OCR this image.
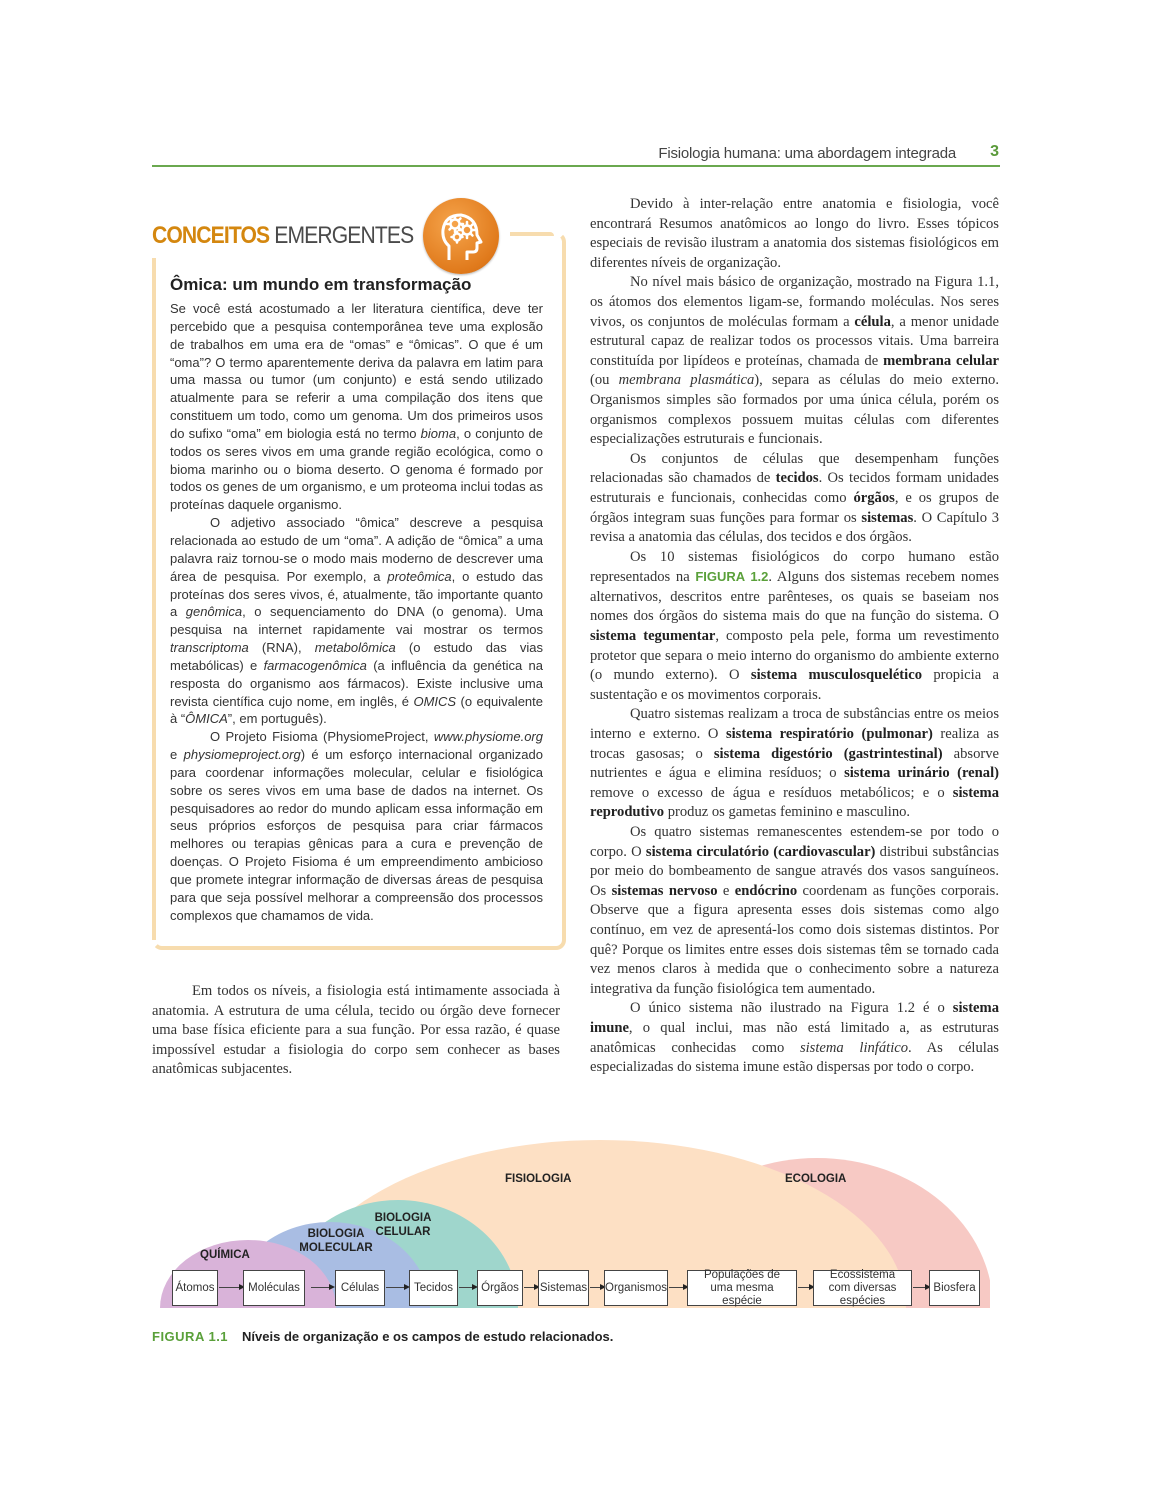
Fisiologia humana: uma abordagem integrada 3
CONCEITOS EMERGENTES
Ômica: um mundo em transformação

Se você está acostumado a ler literatura científica, deve ter percebido que a pesquisa contemporânea teve uma explosão de trabalhos em uma era de “omas” e “ômicas”. O que é um “oma”? O termo aparentemente deriva da palavra em latim para uma massa ou tumor (um conjunto) e está sendo utilizado atualmente para se referir a uma compilação dos itens que constituem um todo, como um genoma. Um dos primeiros usos do sufixo “oma” em biologia está no termo bioma, o conjunto de todos os seres vivos em uma grande região ecológica, como o bioma marinho ou o bioma deserto. O genoma é formado por todos os genes de um organismo, e um proteoma inclui todas as proteínas daquele organismo.

O adjetivo associado “ômica” descreve a pesquisa relacionada ao estudo de um “oma”. A adição de “ômica” a uma palavra raiz tornou-se o modo mais moderno de descrever uma área de pesquisa. Por exemplo, a proteômica, o estudo das proteínas dos seres vivos, é, atualmente, tão importante quanto a genômica, o sequenciamento do DNA (o genoma). Uma pesquisa na internet rapidamente vai mostrar os termos transcriptoma (RNA), metabolômica (o estudo das vias metabólicas) e farmacogenômica (a influência da genética na resposta do organismo aos fármacos). Existe inclusive uma revista científica cujo nome, em inglês, é OMICS (o equivalente à “ÔMICA”, em português).

O Projeto Fisioma (PhysiomeProject, www.physiome.org e physiomeproject.org) é um esforço internacional organizado para coordenar informações molecular, celular e fisiológica sobre os seres vivos em uma base de dados na internet. Os pesquisadores ao redor do mundo aplicam essa informação em seus próprios esforços de pesquisa para criar fármacos melhores ou terapias gênicas para a cura e prevenção de doenças. O Projeto Fisioma é um empreendimento ambicioso que promete integrar informação de diversas áreas de pesquisa para que seja possível melhorar a compreensão dos processos complexos que chamamos de vida.

Em todos os níveis, a fisiologia está intimamente associada à anatomia. A estrutura de uma célula, tecido ou órgão deve fornecer uma base física eficiente para a sua função. Por essa razão, é quase impossível estudar a fisiologia do corpo sem conhecer as bases anatômicas subjacentes.

Devido à inter-relação entre anatomia e fisiologia, você encontrará Resumos anatômicos ao longo do livro. Esses tópicos especiais de revisão ilustram a anatomia dos sistemas fisiológicos em diferentes níveis de organização.

No nível mais básico de organização, mostrado na Figura 1.1, os átomos dos elementos ligam-se, formando moléculas. Nos seres vivos, os conjuntos de moléculas formam a célula, a menor unidade estrutural capaz de realizar todos os processos vitais. Uma barreira constituída por lipídeos e proteínas, chamada de membrana celular (ou membrana plasmática), separa as células do meio externo. Organismos simples são formados por uma única célula, porém os organismos complexos possuem muitas células com diferentes especializações estruturais e funcionais.

Os conjuntos de células que desempenham funções relacionadas são chamados de tecidos. Os tecidos formam unidades estruturais e funcionais, conhecidas como órgãos, e os grupos de órgãos integram suas funções para formar os sistemas. O Capítulo 3 revisa a anatomia das células, dos tecidos e dos órgãos.

Os 10 sistemas fisiológicos do corpo humano estão representados na FIGURA 1.2. Alguns dos sistemas recebem nomes alternativos, descritos entre parênteses, os quais se baseiam nos nomes dos órgãos do sistema mais do que na função do sistema. O sistema tegumentar, composto pela pele, forma um revestimento protetor que separa o meio interno do organismo do ambiente externo (o mundo externo). O sistema musculosquelético propicia a sustentação e os movimentos corporais.

Quatro sistemas realizam a troca de substâncias entre os meios interno e externo. O sistema respiratório (pulmonar) realiza as trocas gasosas; o sistema digestório (gastrintestinal) absorve nutrientes e água e elimina resíduos; o sistema urinário (renal) remove o excesso de água e resíduos metabólicos; e o sistema reprodutivo produz os gametas feminino e masculino.

Os quatro sistemas remanescentes estendem-se por todo o corpo. O sistema circulatório (cardiovascular) distribui substâncias por meio do bombeamento de sangue através dos vasos sanguíneos. Os sistemas nervoso e endócrino coordenam as funções corporais. Observe que a figura apresenta esses dois sistemas como algo contínuo, em vez de apresentá-los como dois sistemas distintos. Por quê? Porque os limites entre esses dois sistemas têm se tornado cada vez menos claros à medida que o conhecimento sobre a natureza integrativa da função fisiológica tem aumentado.

O único sistema não ilustrado na Figura 1.2 é o sistema imune, o qual inclui, mas não está limitado a, as estruturas anatômicas conhecidas como sistema linfático. As células especializadas do sistema imune estão dispersas por todo o corpo.

QUÍMICA
BIOLOGIA MOLECULAR
BIOLOGIA CELULAR
FISIOLOGIA	ECOLOGIA
Átomos	Moléculas	Células	Tecidos	Órgãos	Sistemas Organismos
Populações de uma mesma espécie
Ecossistema com diversas espécies
Biosfera
FIGURA 1.1 Níveis de organização e os campos de estudo relacionados.
